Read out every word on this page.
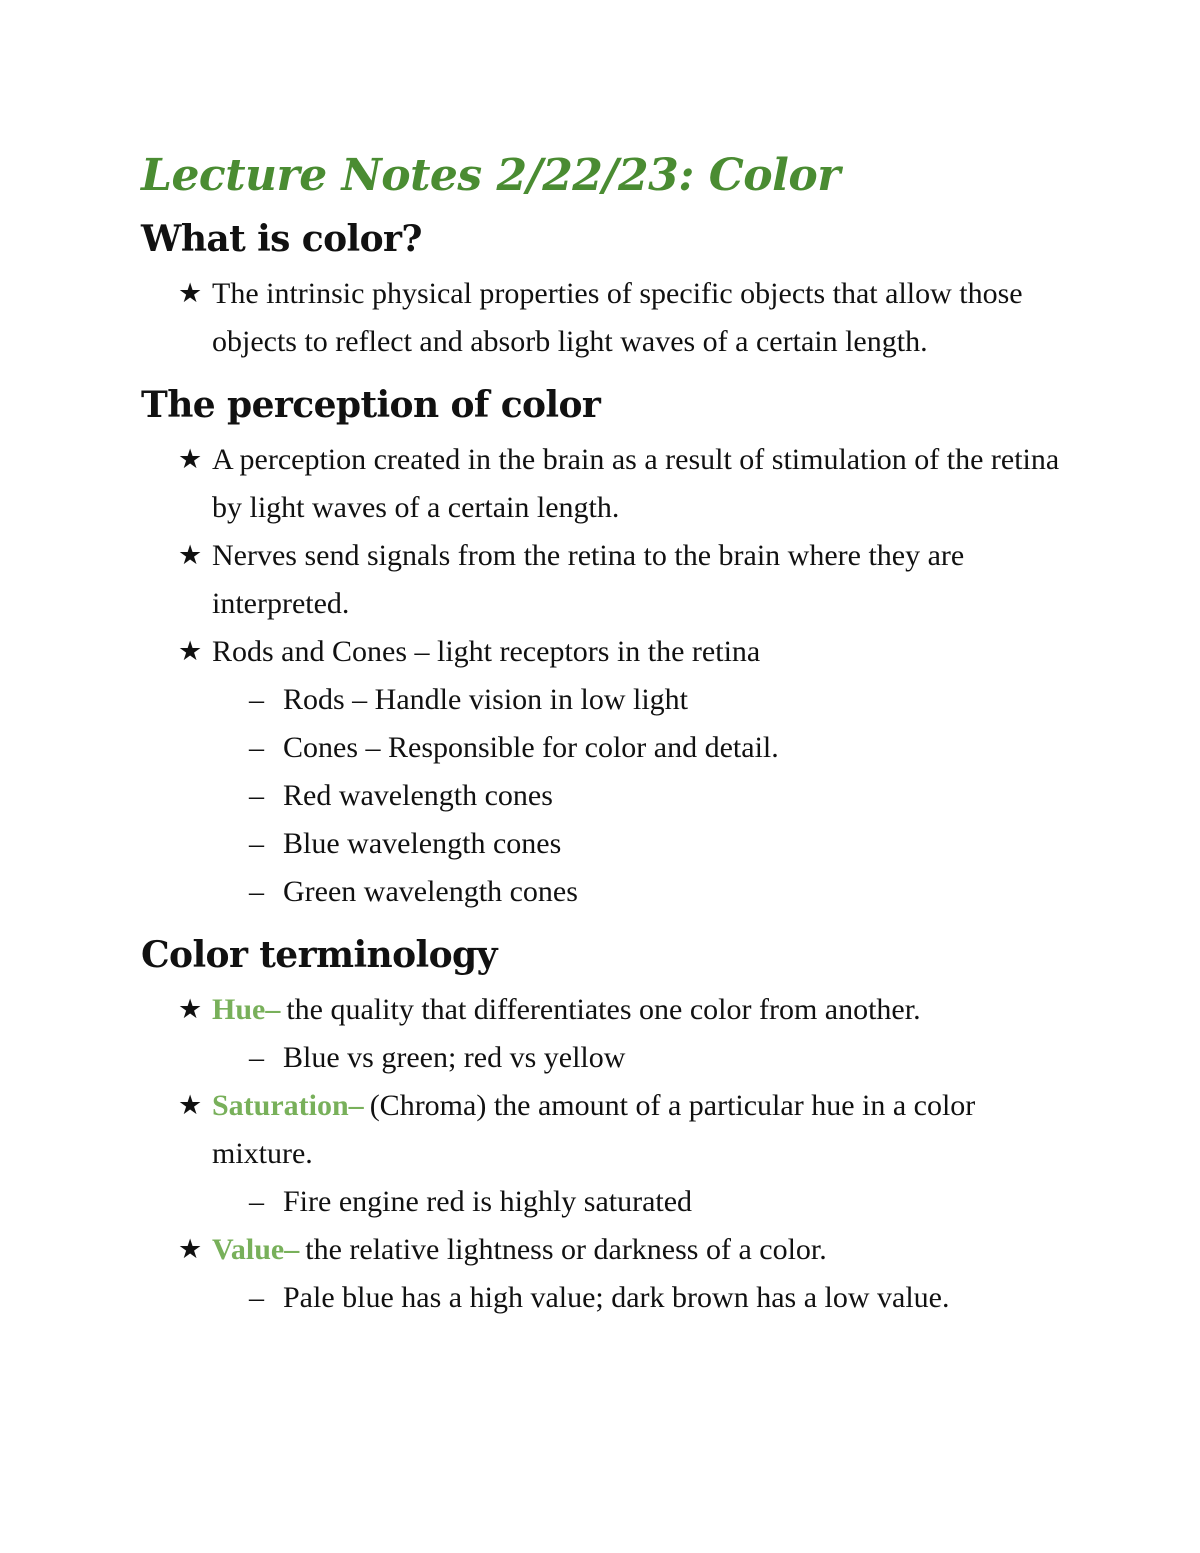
Lecture Notes 2/22/23: Color
What is color?

★ The intrinsic physical properties of specific objects that allow those objects to reflect and absorb light waves of a certain length.

The perception of color

★ A perception created in the brain as a result of stimulation of the retina by light waves of a certain length.

★ Nerves send signals from the retina to the brain where they are interpreted.

★ Rods and Cones – light receptors in the retina

– Rods – Handle vision in low light

– Cones – Responsible for color and detail.

– Red wavelength cones

– Blue wavelength cones

– Green wavelength cones

Color terminology

★ Hue– the quality that differentiates one color from another.

– Blue vs green; red vs yellow

★ Saturation– (Chroma) the amount of a particular hue in a color mixture.

– Fire engine red is highly saturated

★ Value– the relative lightness or darkness of a color.

– Pale blue has a high value; dark brown has a low value.
